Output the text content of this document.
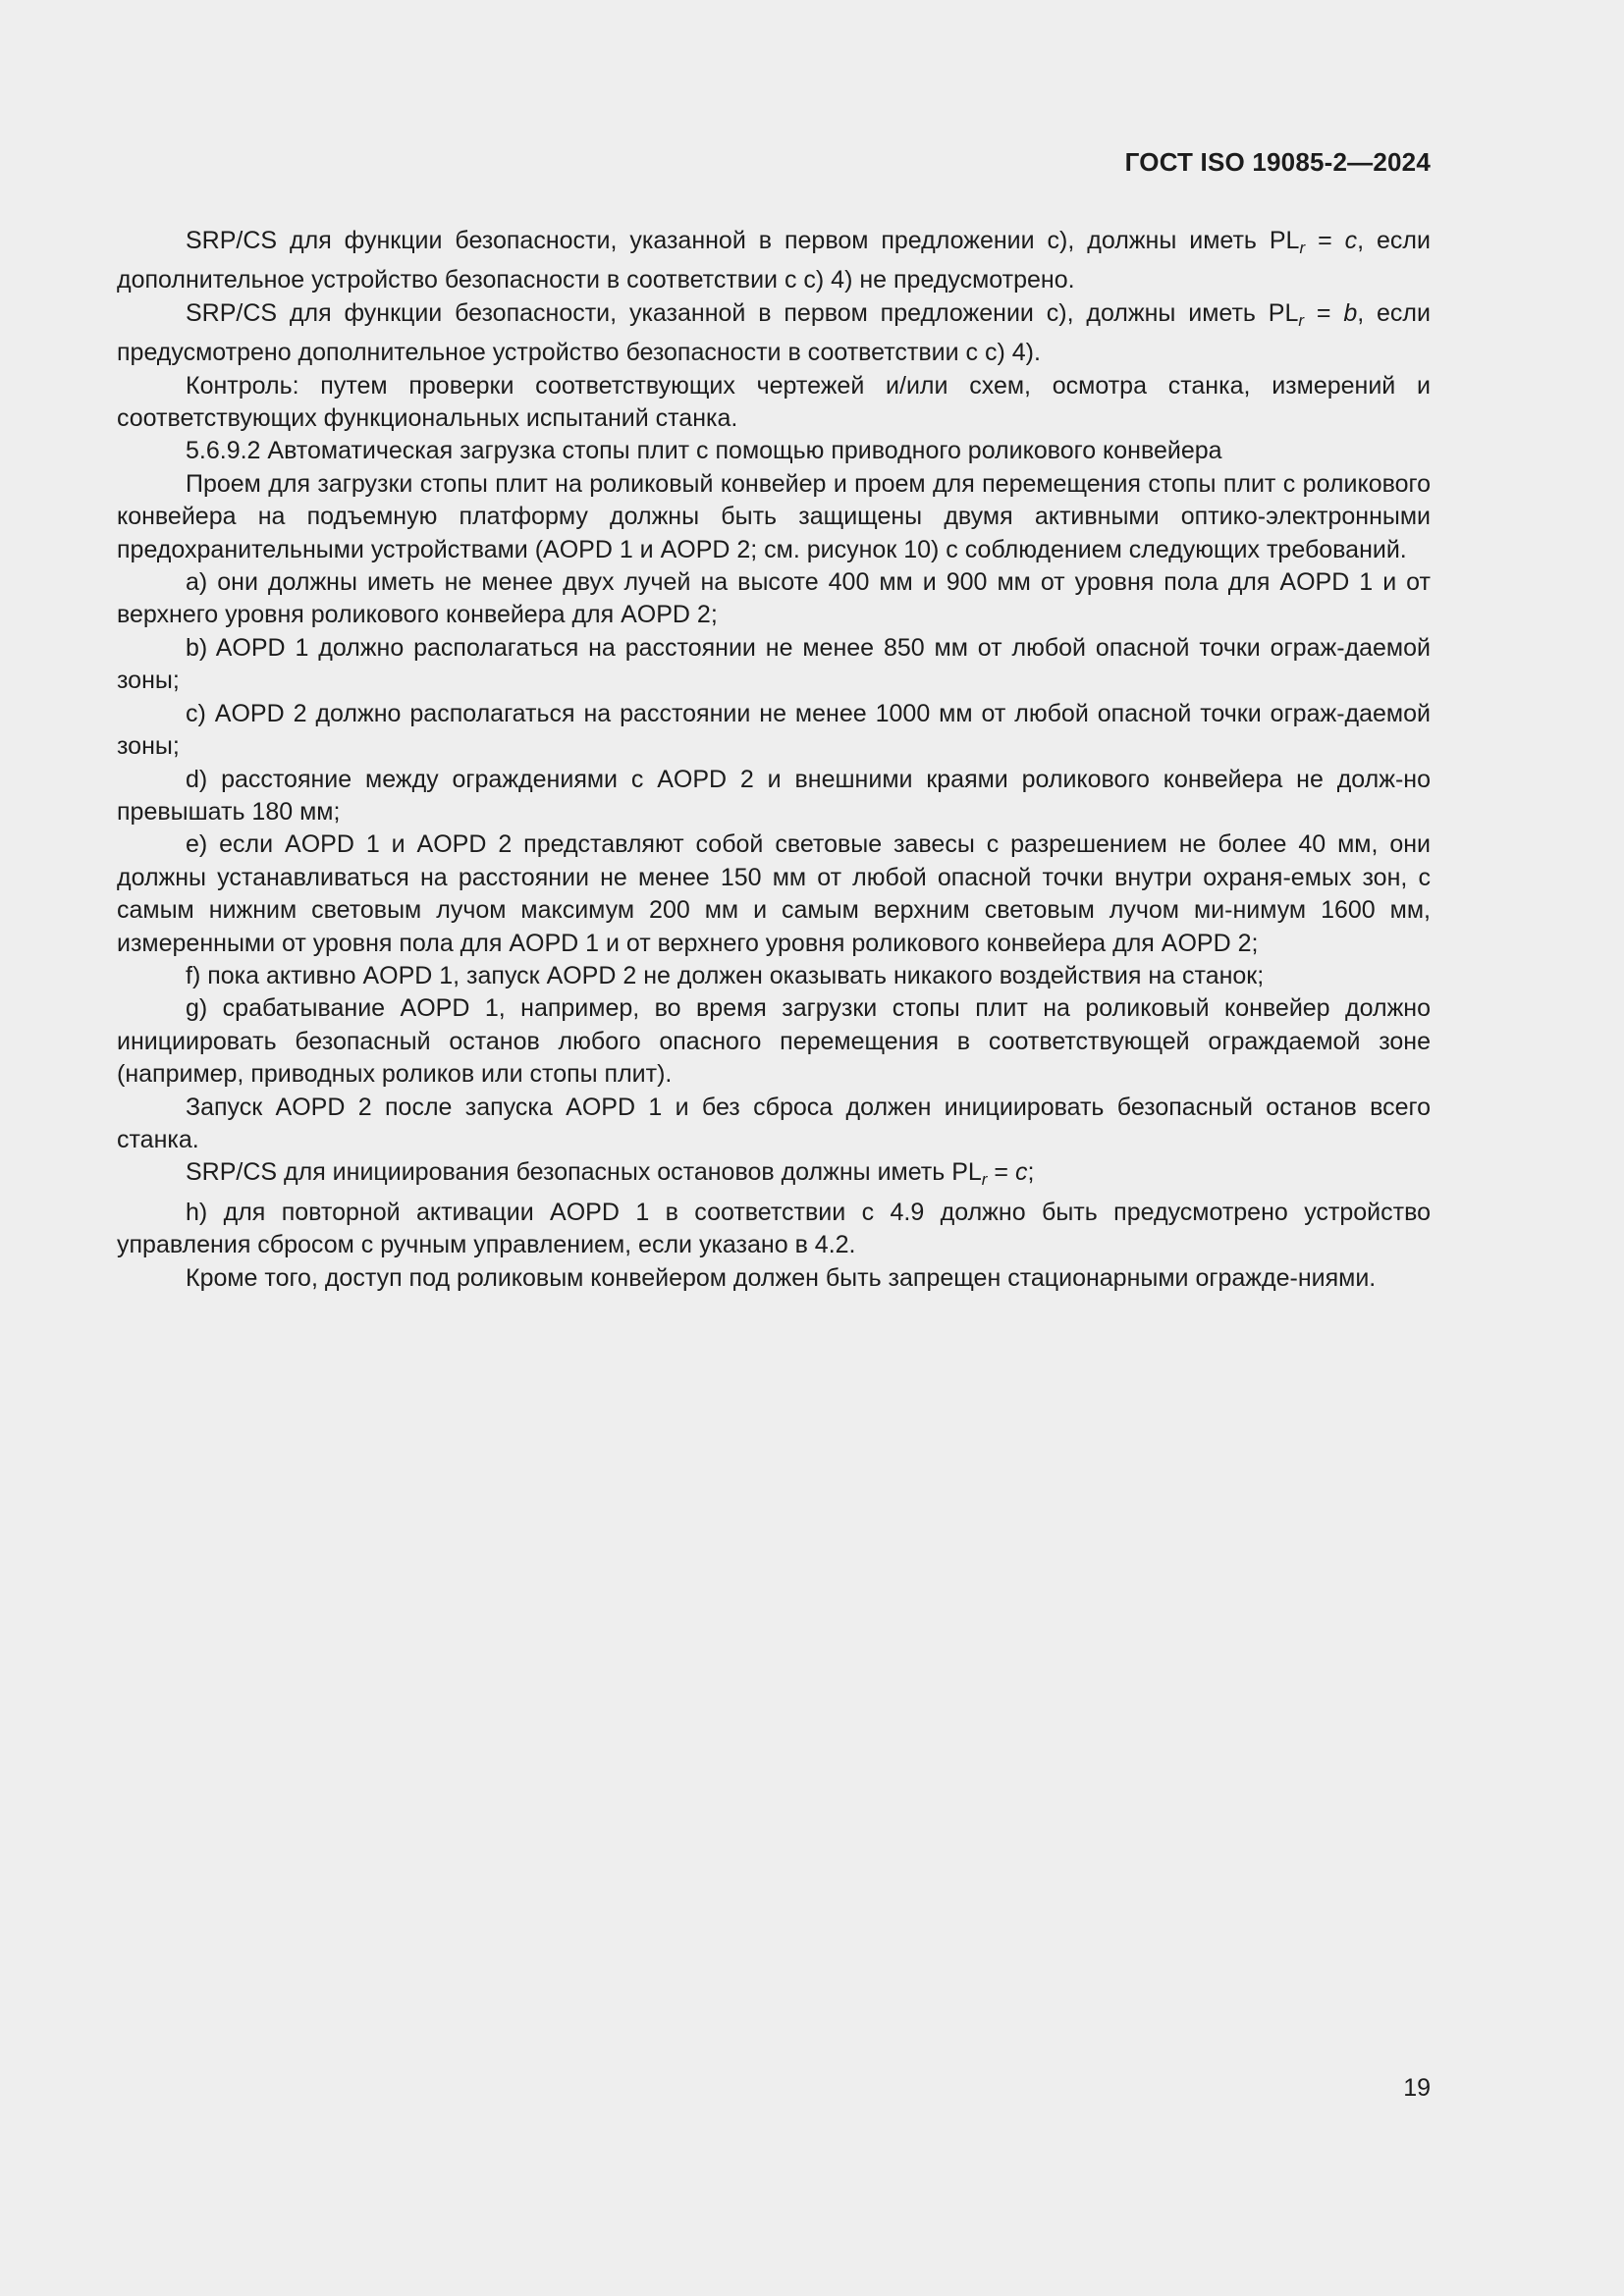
ГОСТ ISO 19085-2—2024

SRP/CS для функции безопасности, указанной в первом предложении с), должны иметь $PL_r = c$, если дополнительное устройство безопасности в соответствии с с) 4) не предусмотрено.

SRP/CS для функции безопасности, указанной в первом предложении с), должны иметь $PL_r = b$, если предусмотрено дополнительное устройство безопасности в соответствии с с) 4).

Контроль: путем проверки соответствующих чертежей и/или схем, осмотра станка, измерений и соответствующих функциональных испытаний станка.

5.6.9.2 Автоматическая загрузка стопы плит с помощью приводного роликового конвейера

Проем для загрузки стопы плит на роликовый конвейер и проем для перемещения стопы плит с роликового конвейера на подъемную платформу должны быть защищены двумя активными оптико-электронными предохранительными устройствами (AOPD 1 и AOPD 2; см. рисунок 10) с соблюдением следующих требований.

а) они должны иметь не менее двух лучей на высоте 400 мм и 900 мм от уровня пола для AOPD 1 и от верхнего уровня роликового конвейера для AOPD 2;

b) AOPD 1 должно располагаться на расстоянии не менее 850 мм от любой опасной точки ограж-даемой зоны;

с) AOPD 2 должно располагаться на расстоянии не менее 1000 мм от любой опасной точки ограж-даемой зоны;

d) расстояние между ограждениями с AOPD 2 и внешними краями роликового конвейера не долж-но превышать 180 мм;

е) если AOPD 1 и AOPD 2 представляют собой световые завесы с разрешением не более 40 мм, они должны устанавливаться на расстоянии не менее 150 мм от любой опасной точки внутри охраня-емых зон, с самым нижним световым лучом максимум 200 мм и самым верхним световым лучом ми-нимум 1600 мм, измеренными от уровня пола для AOPD 1 и от верхнего уровня роликового конвейера для AOPD 2;

f) пока активно AOPD 1, запуск AOPD 2 не должен оказывать никакого воздействия на станок;

g) срабатывание AOPD 1, например, во время загрузки стопы плит на роликовый конвейер должно инициировать безопасный останов любого опасного перемещения в соответствующей ограждаемой зоне (например, приводных роликов или стопы плит).

Запуск AOPD 2 после запуска AOPD 1 и без сброса должен инициировать безопасный останов всего станка.

SRP/CS для инициирования безопасных остановов должны иметь $PL_r = c$;

h) для повторной активации AOPD 1 в соответствии с 4.9 должно быть предусмотрено устройство управления сбросом с ручным управлением, если указано в 4.2.

Кроме того, доступ под роликовым конвейером должен быть запрещен стационарными огражде-ниями.

19
